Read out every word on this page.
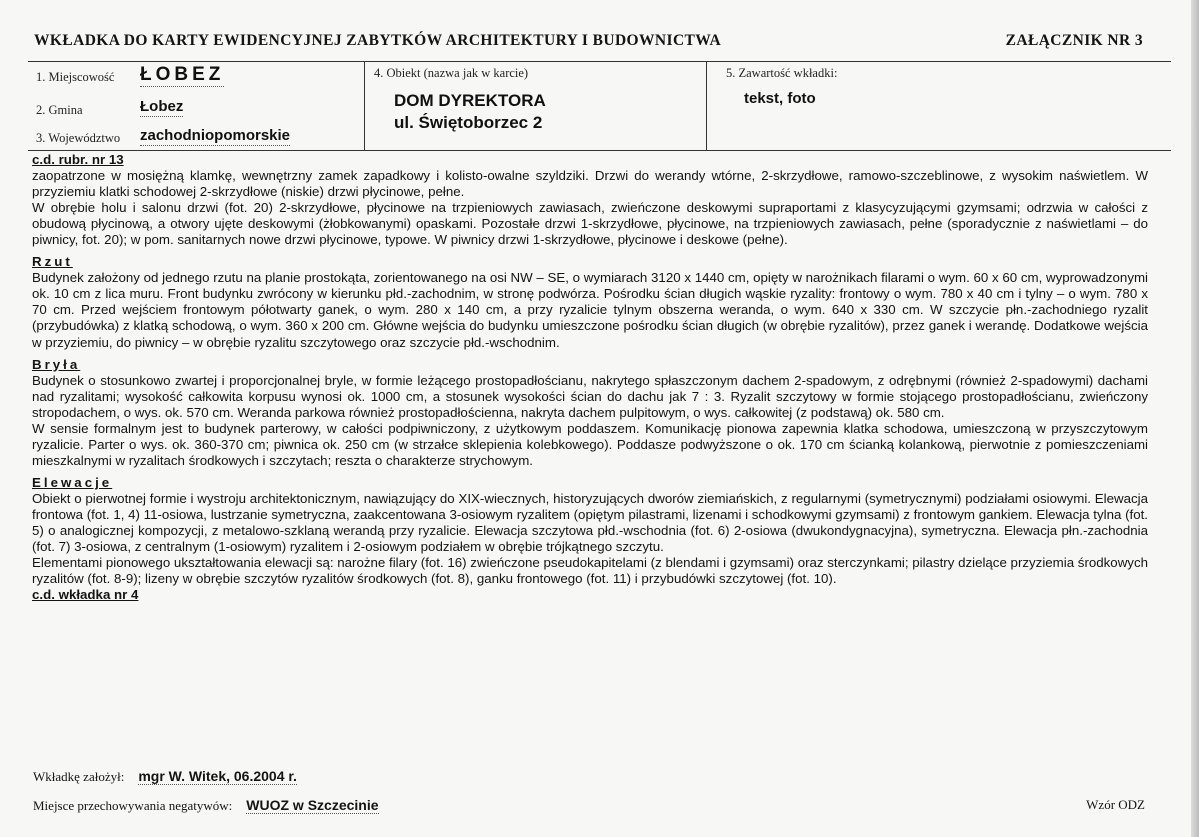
WKŁADKA DO KARTY EWIDENCYJNEJ ZABYTKÓW ARCHITEKTURY I BUDOWNICTWA	ZAŁĄCZNIK NR 3
1. Miejscowość ŁOBEZ
2. Gmina	Łobez
3. Województwo zachodniopomorskie
4. Obiekt (nazwa jak w karcie)
DOM DYREKTORA
ul. Świętoborzec 2
5. Zawartość wkładki:
tekst, foto

c.d. rubr. nr 13

zaopatrzone w mosiężną klamkę, wewnętrzny zamek zapadkowy i kolisto-owalne szyldziki. Drzwi do werandy wtórne, 2-skrzydłowe, ramowo-szczeblinowe, z wysokim naświetlem. W przyziemiu klatki schodowej 2-skrzydłowe (niskie) drzwi płycinowe, pełne.

W obrębie holu i salonu drzwi (fot. 20) 2-skrzydłowe, płycinowe na trzpieniowych zawiasach, zwieńczone deskowymi supraportami z klasycyzującymi gzymsami; odrzwia w całości z obudową płycinową, a otwory ujęte deskowymi (żłobkowanymi) opaskami. Pozostałe drzwi 1-skrzydłowe, płycinowe, na trzpieniowych zawiasach, pełne (sporadycznie z naświetlami – do piwnicy, fot. 20); w pom. sanitarnych nowe drzwi płycinowe, typowe. W piwnicy drzwi 1-skrzydłowe, płycinowe i deskowe (pełne).

Rzut

Budynek założony od jednego rzutu na planie prostokąta, zorientowanego na osi NW – SE, o wymiarach 3120 x 1440 cm, opięty w narożnikach filarami o wym. 60 x 60 cm, wyprowadzonymi ok. 10 cm z lica muru. Front budynku zwrócony w kierunku płd.-zachodnim, w stronę podwórza. Pośrodku ścian długich wąskie ryzality: frontowy o wym. 780 x 40 cm i tylny – o wym. 780 x 70 cm. Przed wejściem frontowym półotwarty ganek, o wym. 280 x 140 cm, a przy ryzalicie tylnym obszerna weranda, o wym. 640 x 330 cm. W szczycie płn.-zachodniego ryzalit (przybudówka) z klatką schodową, o wym. 360 x 200 cm. Główne wejścia do budynku umieszczone pośrodku ścian długich (w obrębie ryzalitów), przez ganek i werandę. Dodatkowe wejścia w przyziemiu, do piwnicy – w obrębie ryzalitu szczytowego oraz szczycie płd.-wschodnim.

Bryła

Budynek o stosunkowo zwartej i proporcjonalnej bryle, w formie leżącego prostopadłościanu, nakrytego spłaszczonym dachem 2-spadowym, z odrębnymi (również 2-spadowymi) dachami nad ryzalitami; wysokość całkowita korpusu wynosi ok. 1000 cm, a stosunek wysokości ścian do dachu jak 7 : 3. Ryzalit szczytowy w formie stojącego prostopadłościanu, zwieńczony stropodachem, o wys. ok. 570 cm. Weranda parkowa również prostopadłościenna, nakryta dachem pulpitowym, o wys. całkowitej (z podstawą) ok. 580 cm.

W sensie formalnym jest to budynek parterowy, w całości podpiwniczony, z użytkowym poddaszem. Komunikację pionowa zapewnia klatka schodowa, umieszczoną w przyszczytowym ryzalicie. Parter o wys. ok. 360-370 cm; piwnica ok. 250 cm (w strzałce sklepienia kolebkowego). Poddasze podwyższone o ok. 170 cm ścianką kolankową, pierwotnie z pomieszczeniami mieszkalnymi w ryzalitach środkowych i szczytach; reszta o charakterze strychowym.

Elewacje

Obiekt o pierwotnej formie i wystroju architektonicznym, nawiązujący do XIX-wiecznych, historyzujących dworów ziemiańskich, z regularnymi (symetrycznymi) podziałami osiowymi. Elewacja frontowa (fot. 1, 4) 11-osiowa, lustrzanie symetryczna, zaakcentowana 3-osiowym ryzalitem (opiętym pilastrami, lizenami i schodkowymi gzymsami) z frontowym gankiem. Elewacja tylna (fot. 5) o analogicznej kompozycji, z metalowo-szklaną werandą przy ryzalicie. Elewacja szczytowa płd.-wschodnia (fot. 6) 2-osiowa (dwukondygnacyjna), symetryczna. Elewacja płn.-zachodnia (fot. 7) 3-osiowa, z centralnym (1-osiowym) ryzalitem i 2-osiowym podziałem w obrębie trójkątnego szczytu.

Elementami pionowego ukształtowania elewacji są: narożne filary (fot. 16) zwieńczone pseudokapitelami (z blendami i gzymsami) oraz sterczynkami; pilastry dzielące przyziemia środkowych ryzalitów (fot. 8-9); lizeny w obrębie szczytów ryzalitów środkowych (fot. 8), ganku frontowego (fot. 11) i przybudówki szczytowej (fot. 10).

c.d. wkładka nr 4

Wkładkę założył: mgr W. Witek, 06.2004 r.
Miejsce przechowywania negatywów: WUOZ w Szczecinie	Wzór ODZ
